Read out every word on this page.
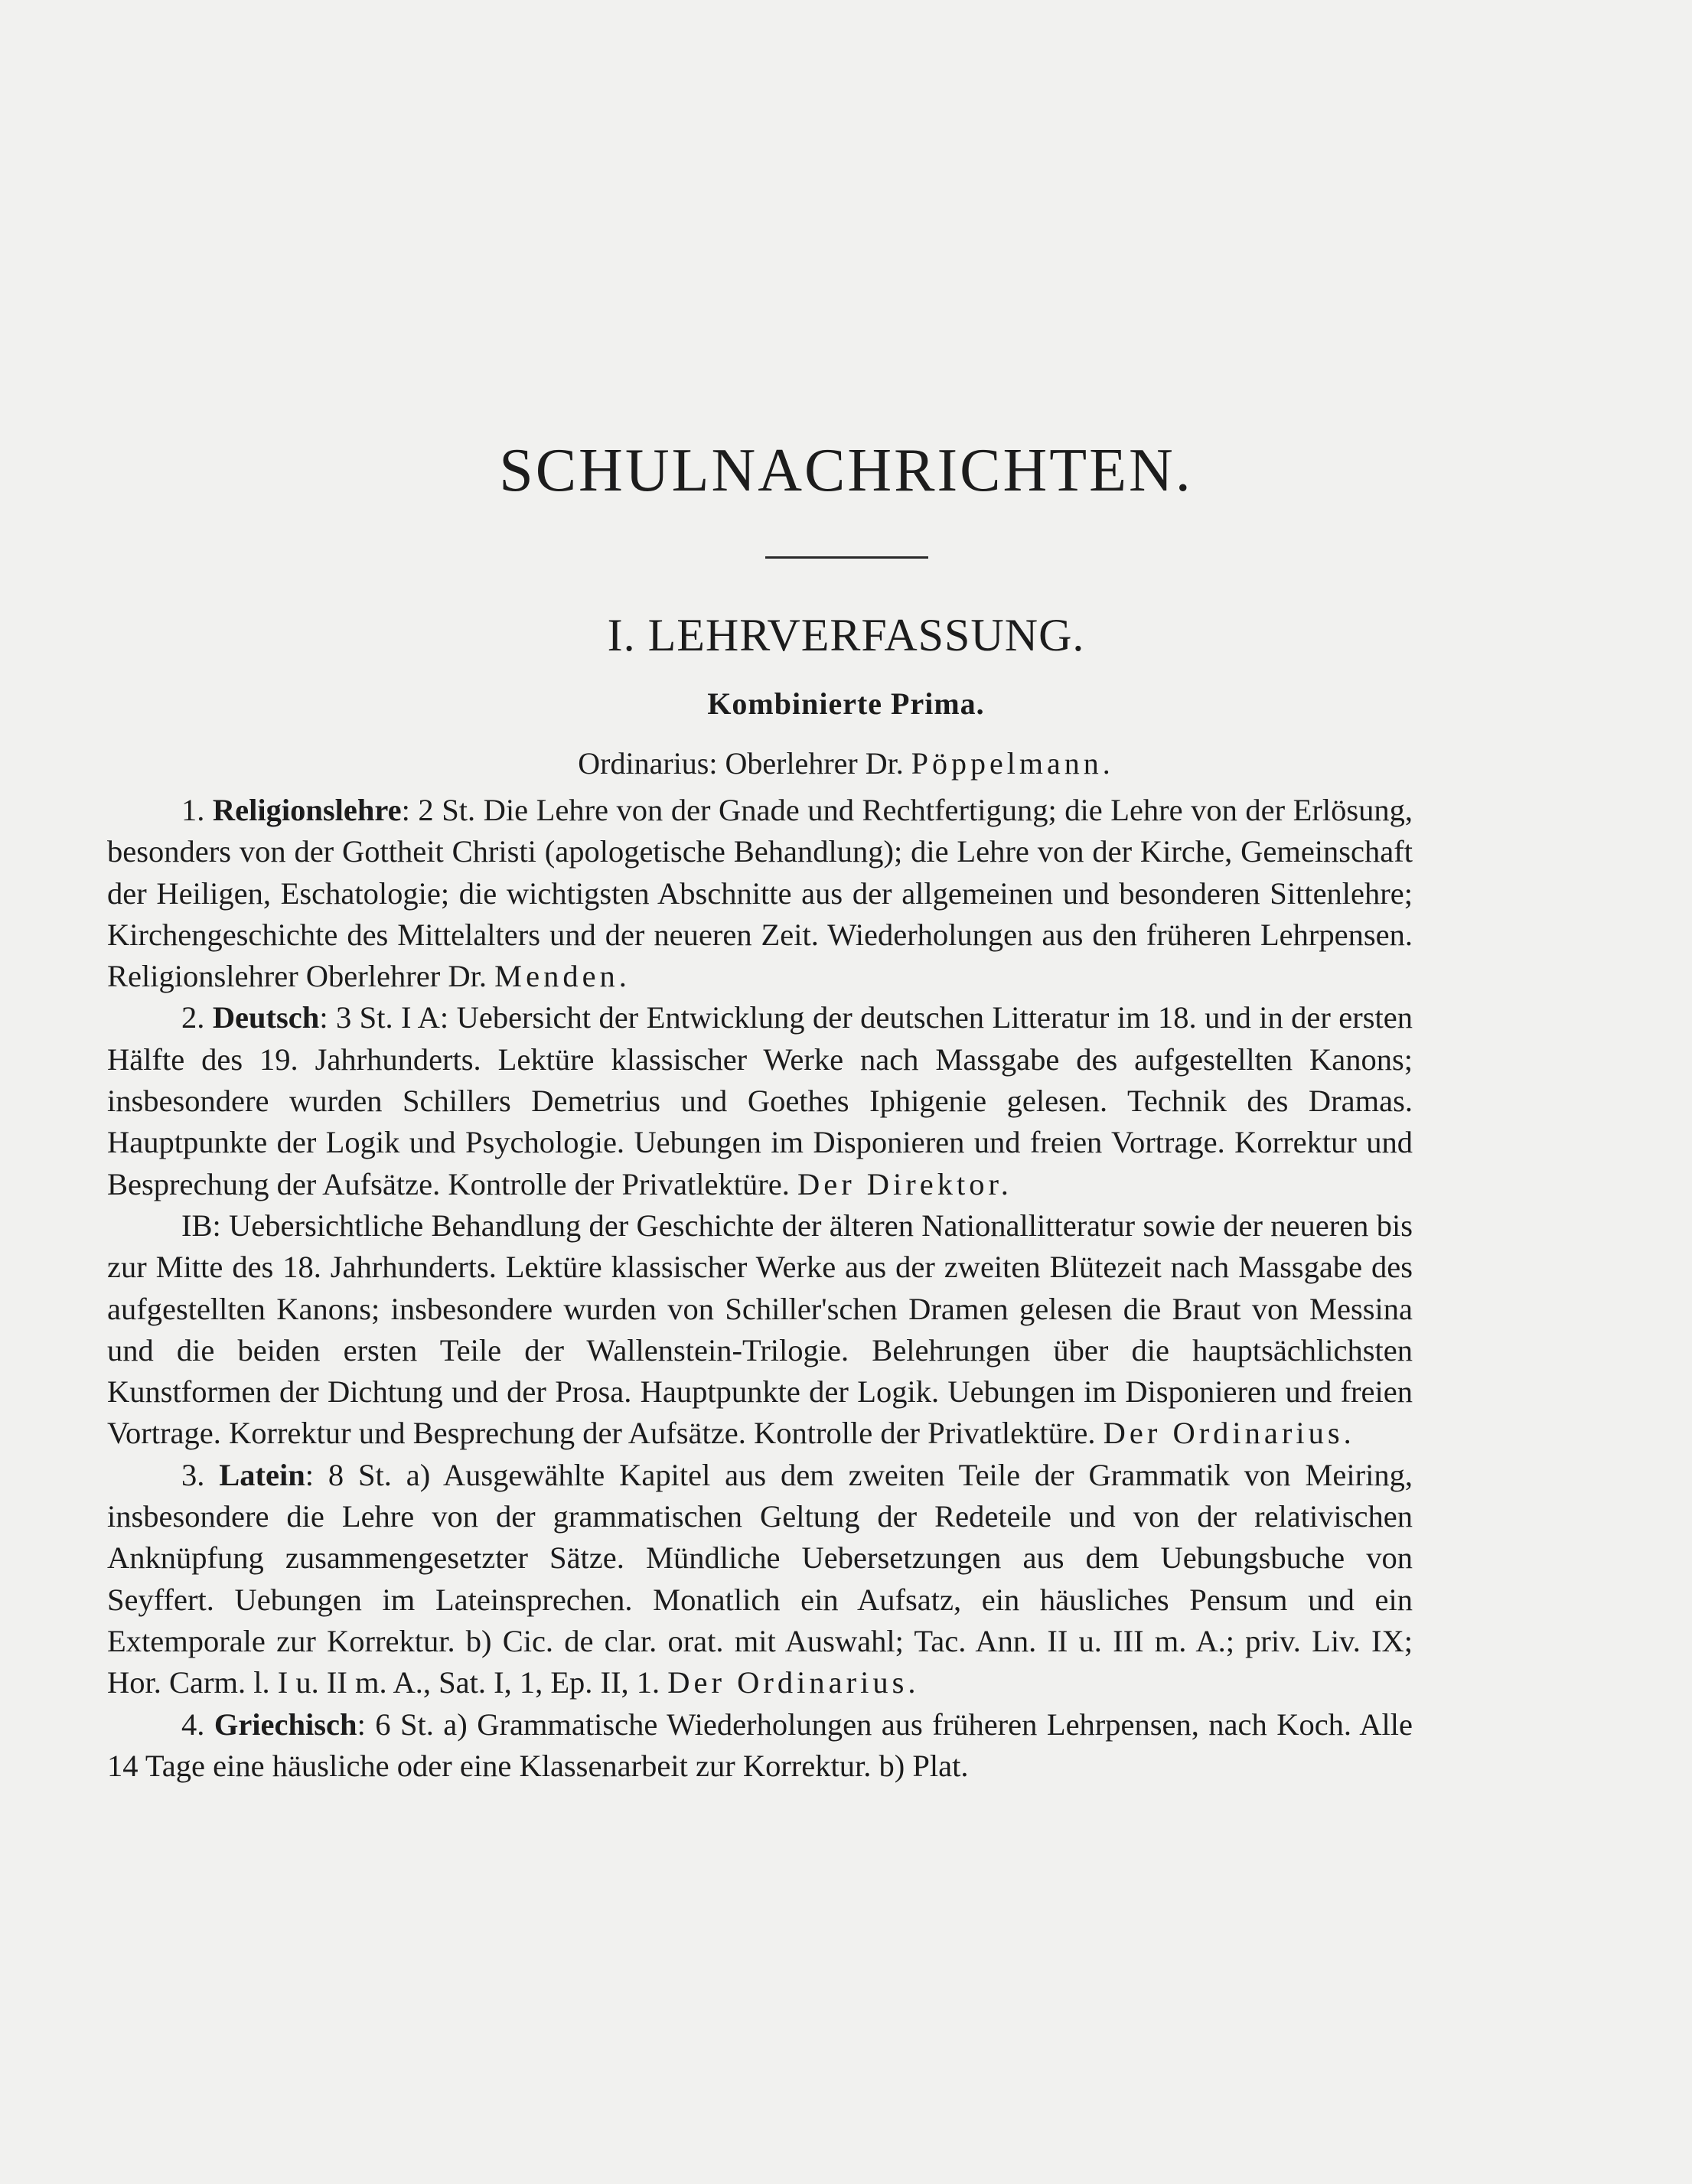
SCHULNACHRICHTEN.
I. LEHRVERFASSUNG.
Kombinierte Prima.
Ordinarius: Oberlehrer Dr. Pöppelmann.

1. Religionslehre: 2 St. Die Lehre von der Gnade und Rechtfertigung; die Lehre von der Erlösung, besonders von der Gottheit Christi (apologetische Behandlung); die Lehre von der Kirche, Gemeinschaft der Heiligen, Eschatologie; die wichtigsten Abschnitte aus der allgemeinen und besonderen Sittenlehre; Kirchengeschichte des Mittelalters und der neueren Zeit. Wiederholungen aus den früheren Lehrpensen. Religionslehrer Oberlehrer Dr. Menden.

2. Deutsch: 3 St. I A: Uebersicht der Entwicklung der deutschen Litteratur im 18. und in der ersten Hälfte des 19. Jahrhunderts. Lektüre klassischer Werke nach Massgabe des aufgestellten Kanons; insbesondere wurden Schillers Demetrius und Goethes Iphigenie gelesen. Technik des Dramas. Hauptpunkte der Logik und Psychologie. Uebungen im Disponieren und freien Vortrage. Korrektur und Besprechung der Aufsätze. Kontrolle der Privatlektüre. Der Direktor.

IB: Uebersichtliche Behandlung der Geschichte der älteren Nationallitteratur sowie der neueren bis zur Mitte des 18. Jahrhunderts. Lektüre klassischer Werke aus der zweiten Blütezeit nach Massgabe des aufgestellten Kanons; insbesondere wurden von Schiller'schen Dramen gelesen die Braut von Messina und die beiden ersten Teile der Wallenstein-Trilogie. Belehrungen über die hauptsächlichsten Kunstformen der Dichtung und der Prosa. Hauptpunkte der Logik. Uebungen im Disponieren und freien Vortrage. Korrektur und Besprechung der Aufsätze. Kontrolle der Privatlektüre. Der Ordinarius.

3. Latein: 8 St. a) Ausgewählte Kapitel aus dem zweiten Teile der Grammatik von Meiring, insbesondere die Lehre von der grammatischen Geltung der Redeteile und von der relativischen Anknüpfung zusammengesetzter Sätze. Mündliche Uebersetzungen aus dem Uebungsbuche von Seyffert. Uebungen im Lateinsprechen. Monatlich ein Aufsatz, ein häusliches Pensum und ein Extemporale zur Korrektur. b) Cic. de clar. orat. mit Auswahl; Tac. Ann. II u. III m. A.; priv. Liv. IX; Hor. Carm. l. I u. II m. A., Sat. I, 1, Ep. II, 1. Der Ordinarius.

4. Griechisch: 6 St. a) Grammatische Wiederholungen aus früheren Lehrpensen, nach Koch. Alle 14 Tage eine häusliche oder eine Klassenarbeit zur Korrektur. b) Plat.
